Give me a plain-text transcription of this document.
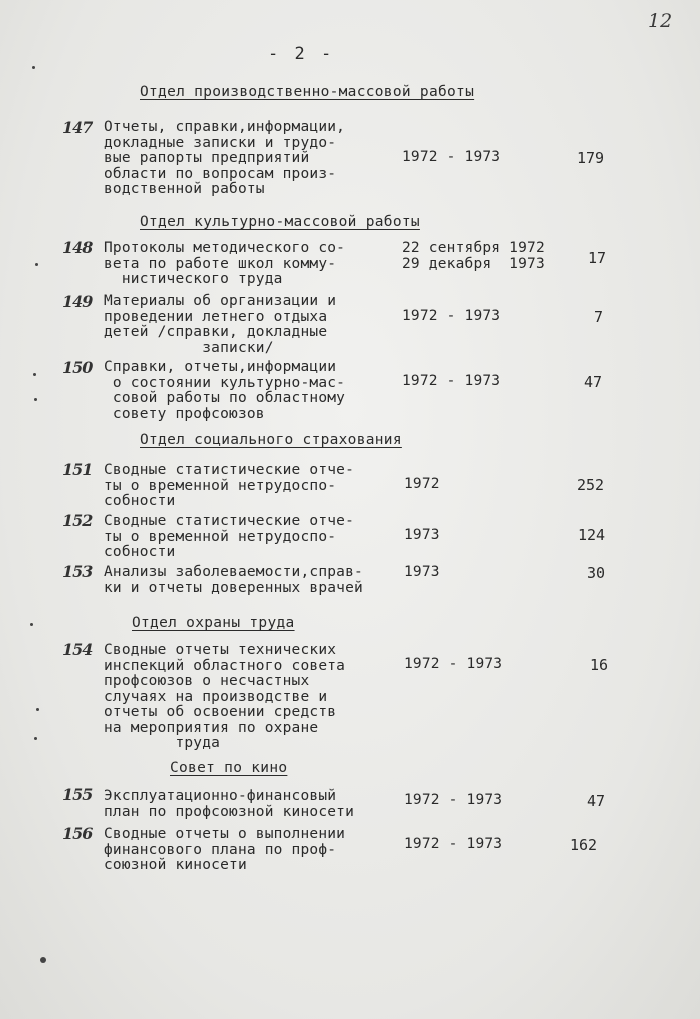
12
- 2 -
Отдел производственно-массовой работы
147 Отчеты, справки,информации,
докладные записки и трудо-
вые рапорты предприятий
области по вопросам произ-
водственной работы
1972 - 1973	179
Отдел культурно-массовой работы
148 Протоколы методического со-
вета по работе школ комму-
нистического труда
22 сентября 1972
29 декабря  1973	17
149 Материалы об организации и
проведении летнего отдыха
детей /справки, докладные
записки/
1972 - 1973	7
150 Справки, отчеты,информации
о состоянии культурно-мас-
совой работы по областному
советy профсоюзов
1972 - 1973	47
Отдел социального страхования
151 Сводные статистические отче-
ты о временной нетрудоспо-
собности
1972	252
152 Сводные статистические отче-
ты о временной нетрудоспо-
собности
1973	124
153 Анализы заболеваемости,справ-
ки и отчеты доверенных врачей
1973	30
Отдел охраны труда
154 Сводные отчеты технических
инспекций областного совета
профсоюзов о несчастных
случаях на производстве и
отчеты об освоении средств
на мероприятия по охране
труда
1972 - 1973	16
Совет по кино
155 Эксплуатационно-финансовый
план по профсоюзной киносети
1972 - 1973	47
156 Сводные отчеты о выполнении
финансового плана по проф-
союзной киносети
1972 - 1973	162
